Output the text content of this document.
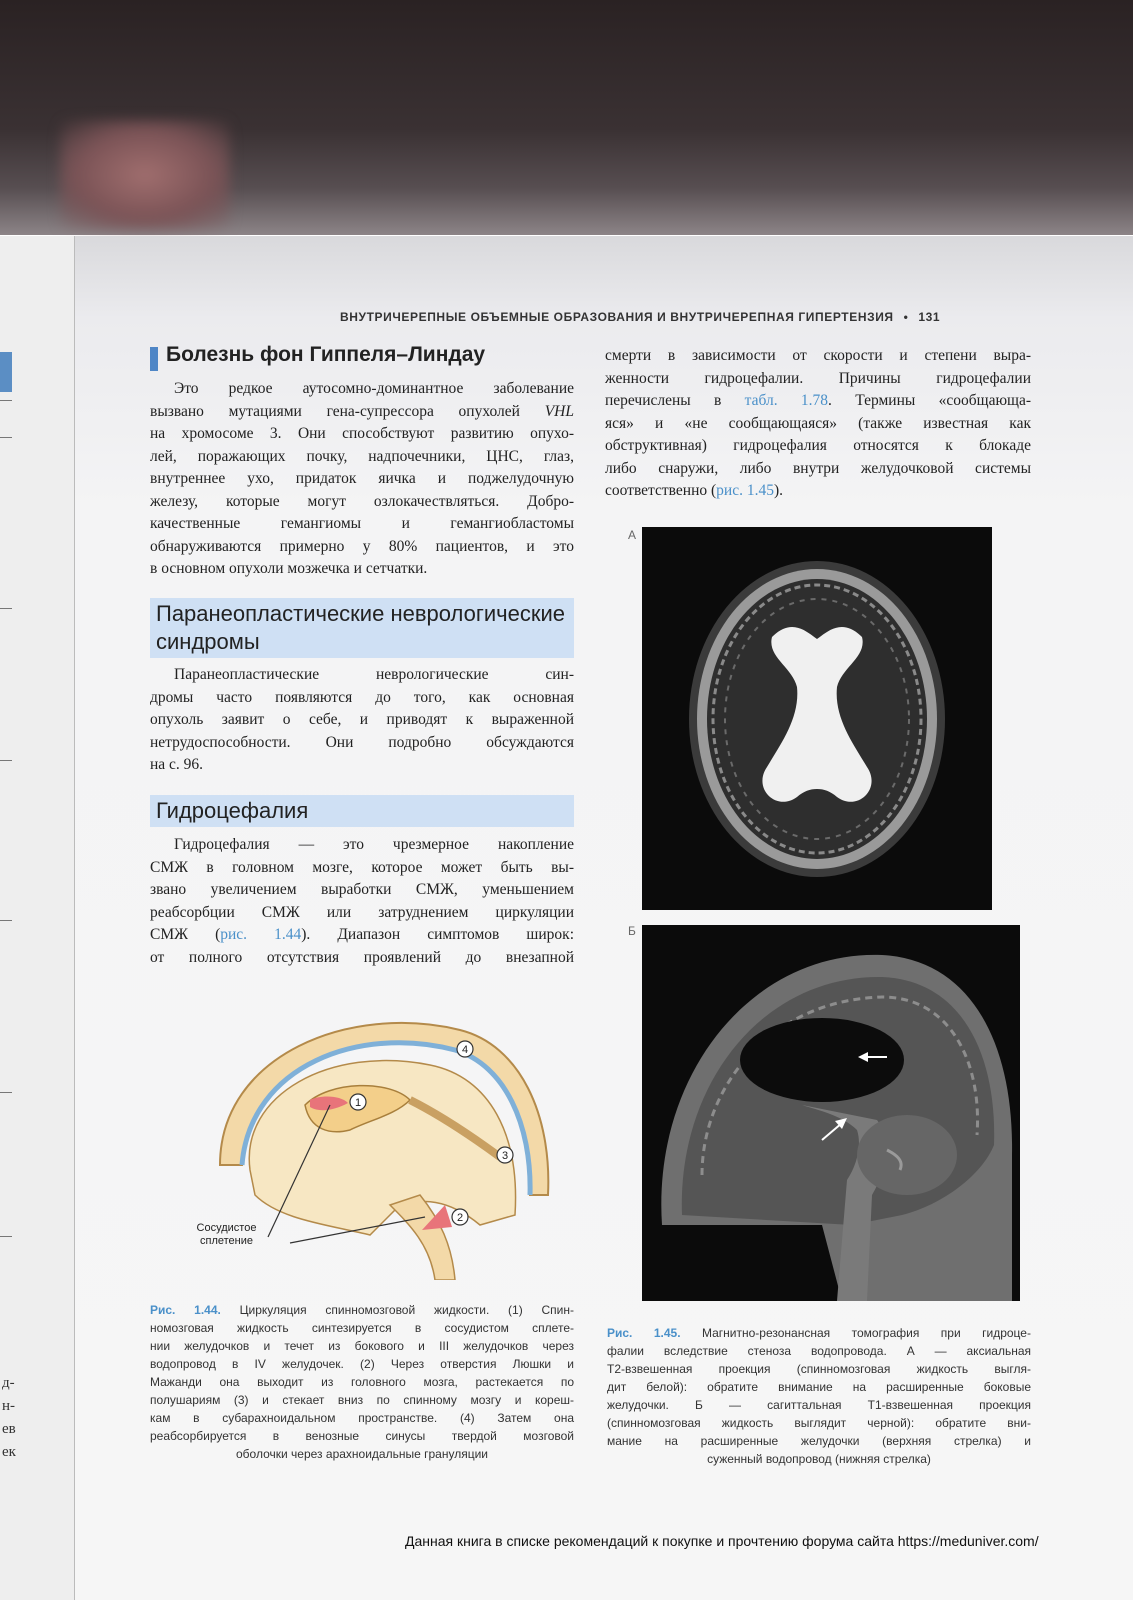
д-
н-
ев
ек
ВНУТРИЧЕРЕПНЫЕ ОБЪЕМНЫЕ ОБРАЗОВАНИЯ И ВНУТРИЧЕРЕПНАЯ ГИПЕРТЕНЗИЯ • 131
Болезнь фон Гиппеля–Линдау
Это редкое аутосомно-доминантное заболевание
вызвано мутациями гена-супрессора опухолей VHL
на хромосоме 3. Они способствуют развитию опухо-
лей, поражающих почку, надпочечники, ЦНС, глаз,
внутреннее ухо, придаток яичка и поджелудочную
железу, которые могут озлокачествляться. Добро-
качественные гемангиомы и гемангиобластомы
обнаруживаются примерно у 80% пациентов, и это
в основном опухоли мозжечка и сетчатки.
Паранеопластические неврологические
синдромы
Паранеопластические неврологические син-
дромы часто появляются до того, как основная
опухоль заявит о себе, и приводят к выраженной
нетрудоспособности. Они подробно обсуждаются
на с. 96.
Гидроцефалия
Гидроцефалия — это чрезмерное накопление
СМЖ в головном мозге, которое может быть вы-
звано увеличением выработки СМЖ, уменьшением
реабсорбции СМЖ или затруднением циркуляции
СМЖ (рис. 1.44). Диапазон симптомов широк:
от полного отсутствия проявлений до внезапной
смерти в зависимости от скорости и степени выра-
женности гидроцефалии. Причины гидроцефалии
перечислены в табл. 1.78. Термины «сообщающа-
яся» и «не сообщающаяся» (также известная как
обструктивная) гидроцефалия относятся к блокаде
либо снаружи, либо внутри желудочковой системы
соответственно (рис. 1.45).
1
2
3
4
Сосудистое
сплетение
Рис. 1.44. Циркуляция спинномозговой жидкости. (1) Спин-
номозговая жидкость синтезируется в сосудистом сплете-
нии желудочков и течет из бокового и III желудочков через
водопровод в IV желудочек. (2) Через отверстия Люшки и
Мажанди она выходит из головного мозга, растекается по
полушариям (3) и стекает вниз по спинному мозгу и кореш-
кам в субарахноидальном пространстве. (4) Затем она
реабсорбируется в венозные синусы твердой мозговой
оболочки через арахноидальные грануляции
А
Б
Рис. 1.45. Магнитно-резонансная томография при гидроце-
фалии вследствие стеноза водопровода. А — аксиальная
Т2-взвешенная проекция (спинномозговая жидкость выгля-
дит белой): обратите внимание на расширенные боковые
желудочки. Б — сагиттальная Т1-взвешенная проекция
(спинномозговая жидкость выглядит черной): обратите вни-
мание на расширенные желудочки (верхняя стрелка) и
суженный водопровод (нижняя стрелка)
Данная книга в списке рекомендаций к покупке и прочтению форума сайта https://meduniver.com/
